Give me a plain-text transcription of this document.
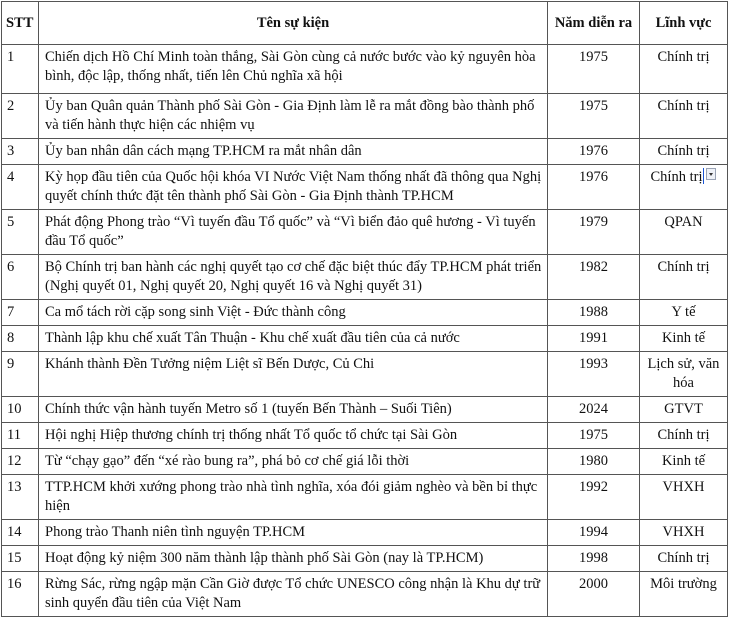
STT	Tên sự kiện	Năm diễn ra	Lĩnh vực
1	Chiến dịch Hồ Chí Minh toàn thắng, Sài Gòn cùng cả nước bước vào kỷ nguyên hòa bình, độc lập, thống nhất, tiến lên Chủ nghĩa xã hội	1975	Chính trị
2	Ủy ban Quân quản Thành phố Sài Gòn - Gia Định làm lễ ra mắt đồng bào thành phố và tiến hành thực hiện các nhiệm vụ	1975	Chính trị
3	Ủy ban nhân dân cách mạng TP.HCM ra mắt nhân dân	1976	Chính trị
4	Kỳ họp đầu tiên của Quốc hội khóa VI Nước Việt Nam thống nhất đã thông qua Nghị quyết chính thức đặt tên thành phố Sài Gòn - Gia Định thành TP.HCM	1976	Chính trị
5	Phát động Phong trào “Vì tuyến đầu Tổ quốc” và “Vì biển đảo quê hương - Vì tuyến đầu Tổ quốc”	1979	QPAN
6	Bộ Chính trị ban hành các nghị quyết tạo cơ chế đặc biệt thúc đẩy TP.HCM phát triển (Nghị quyết 01, Nghị quyết 20, Nghị quyết 16 và Nghị quyết 31)	1982	Chính trị
7	Ca mổ tách rời cặp song sinh Việt - Đức thành công	1988	Y tế
8	Thành lập khu chế xuất Tân Thuận - Khu chế xuất đầu tiên của cả nước	1991	Kinh tế
9	Khánh thành Đền Tưởng niệm Liệt sĩ Bến Dược, Củ Chi	1993	Lịch sử, văn hóa
10	Chính thức vận hành tuyến Metro số 1 (tuyến Bến Thành – Suối Tiên)	2024	GTVT
11	Hội nghị Hiệp thương chính trị thống nhất Tổ quốc tổ chức tại Sài Gòn	1975	Chính trị
12	Từ “chạy gạo” đến “xé rào bung ra”, phá bỏ cơ chế giá lỗi thời	1980	Kinh tế
13	TTP.HCM khởi xướng phong trào nhà tình nghĩa, xóa đói giảm nghèo và bền bỉ thực hiện	1992	VHXH
14	Phong trào Thanh niên tình nguyện TP.HCM	1994	VHXH
15	Hoạt động kỷ niệm 300 năm thành lập thành phố Sài Gòn (nay là TP.HCM)	1998	Chính trị
16	Rừng Sác, rừng ngập mặn Cần Giờ được Tổ chức UNESCO công nhận là Khu dự trữ sinh quyển đầu tiên của Việt Nam	2000	Môi trường
